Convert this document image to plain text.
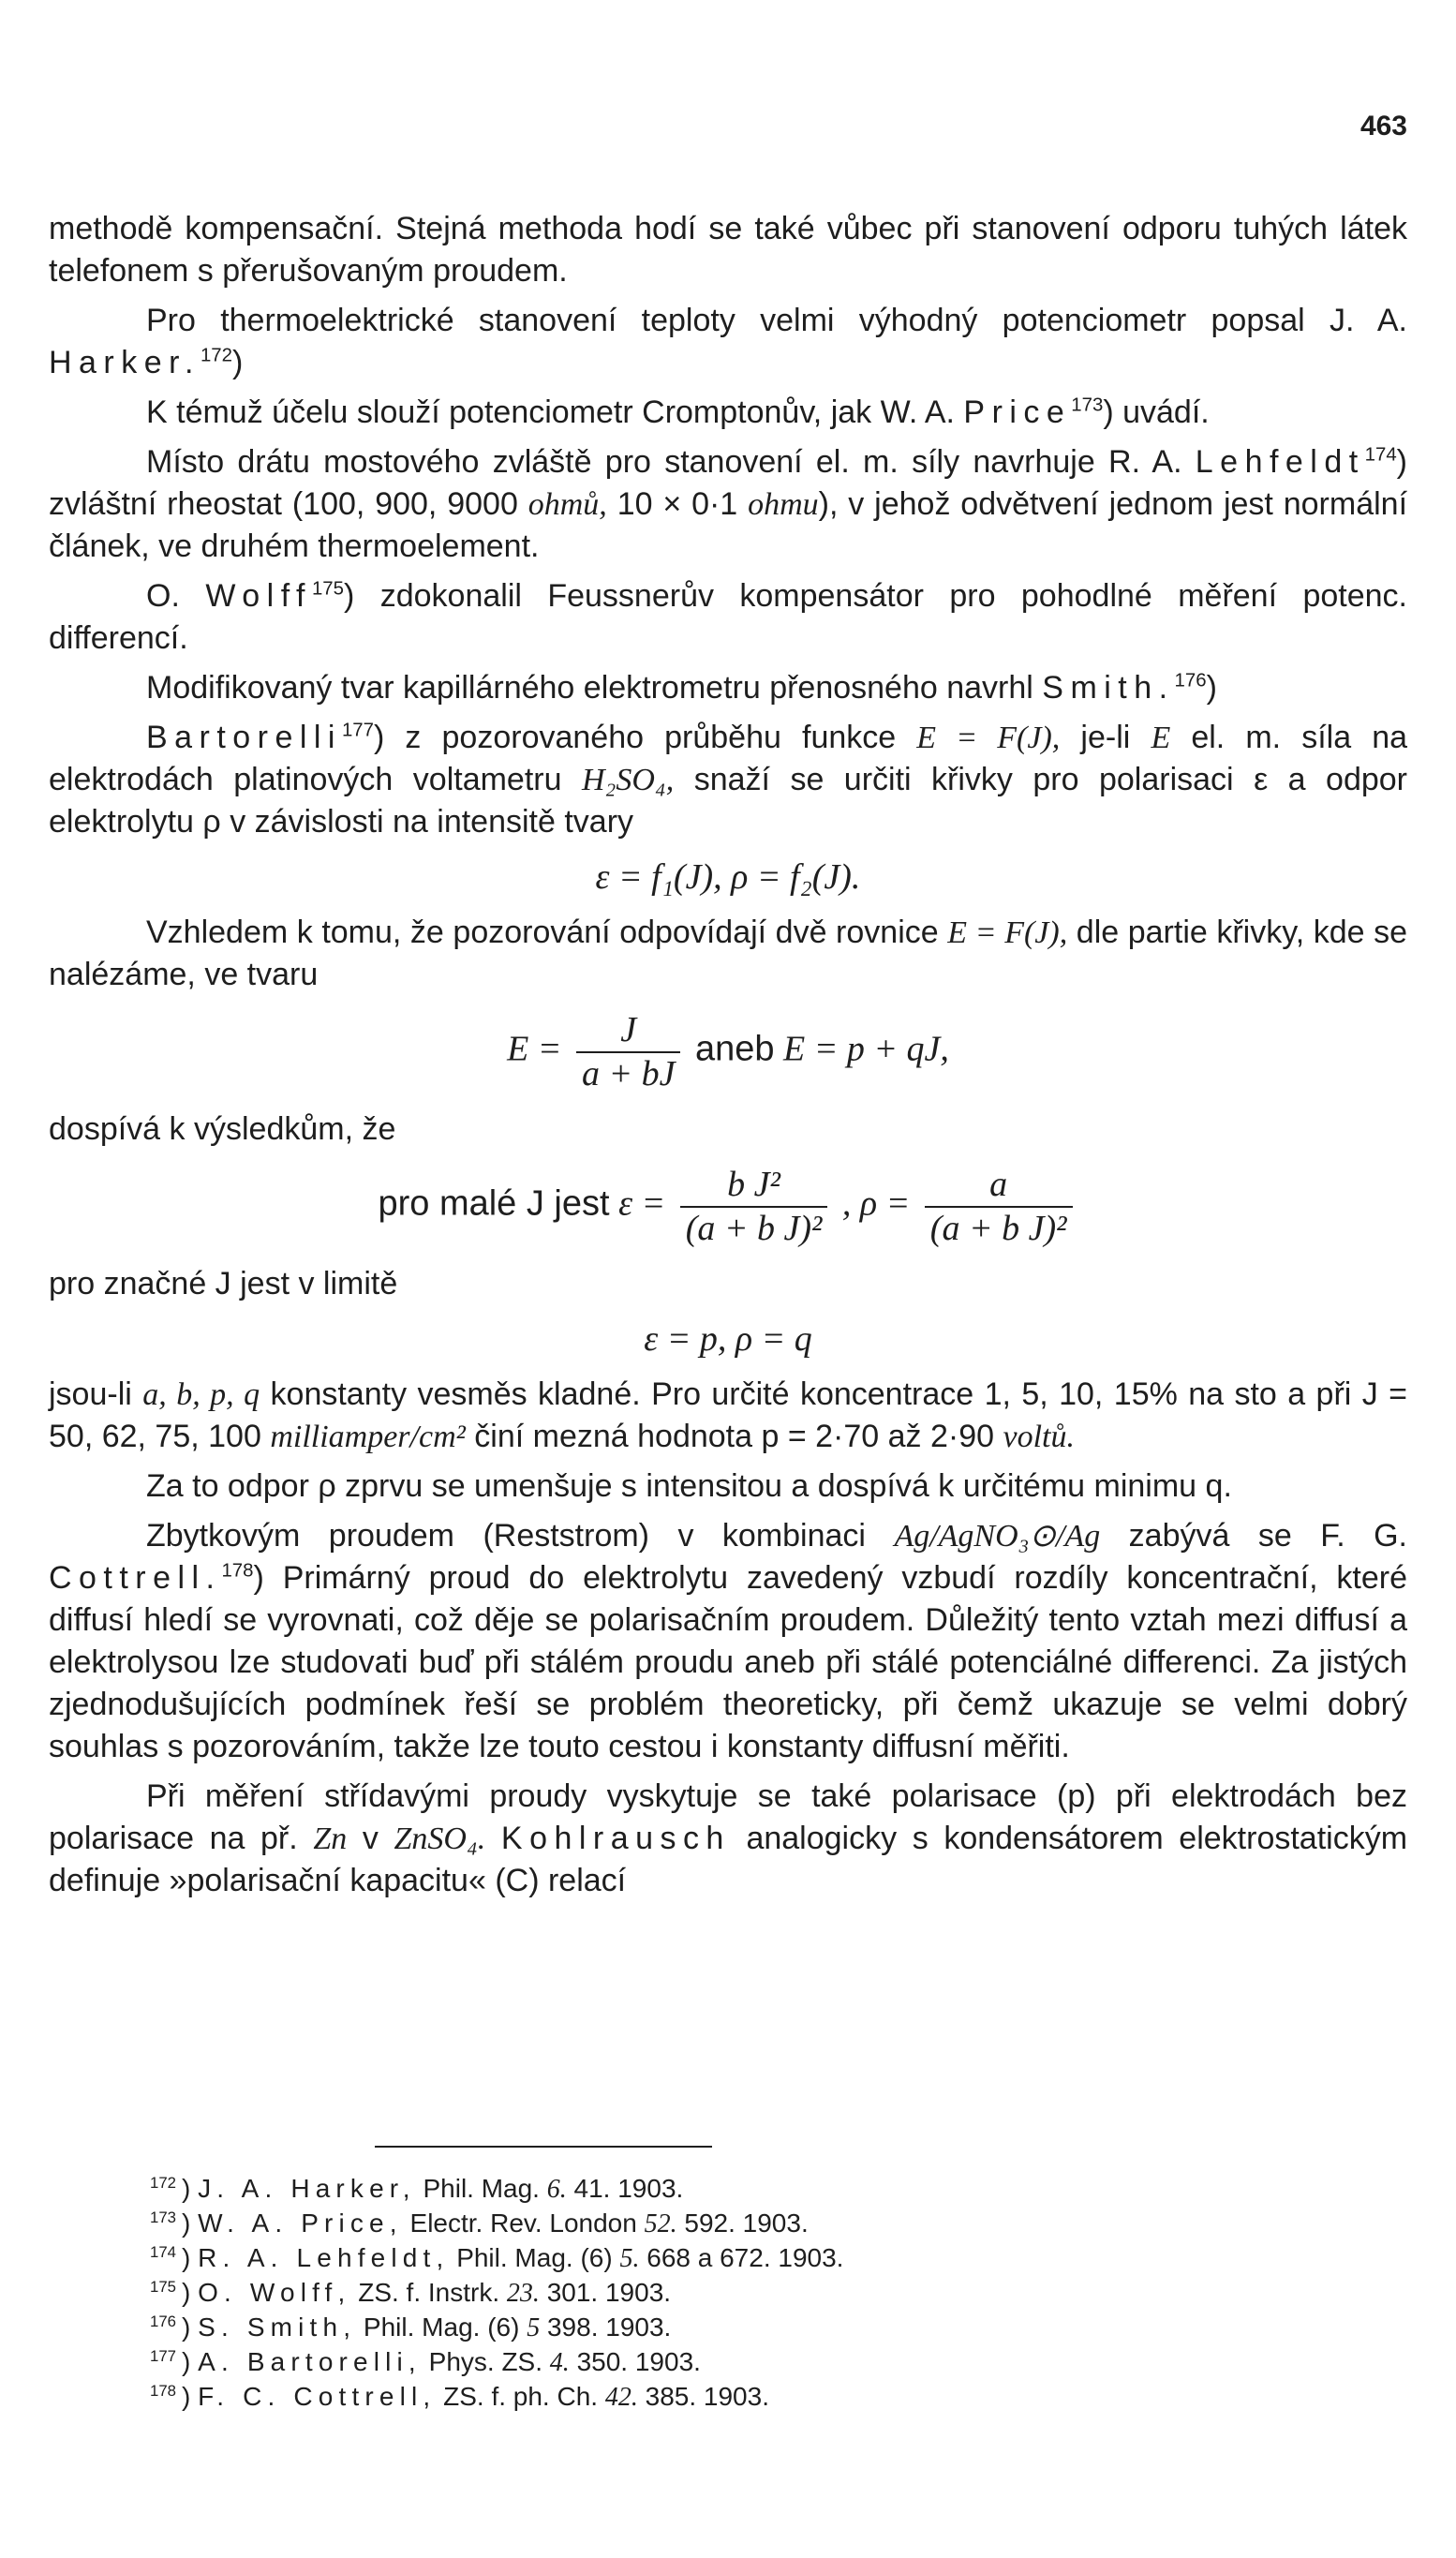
463

methodě kompensační. Stejná methoda hodí se také vůbec při stanovení odporu tuhých látek telefonem s přerušovaným proudem.

Pro thermoelektrické stanovení teploty velmi výhodný potenciometr popsal J. A. Harker.$^{172}$)

K témuž účelu slouží potenciometr Cromptonův, jak W. A. Price$^{173}$) uvádí.

Místo drátu mostového zvláště pro stanovení el. m. síly navrhuje R. A. Lehfeldt$^{174}$) zvláštní rheostat (100, 900, 9000 ohmů, 10 × 0·1 ohmu), v jehož odvětvení jednom jest normální článek, ve druhém thermoelement.

O. Wolff$^{175}$) zdokonalil Feussnerův kompensátor pro pohodlné měření potenc. differencí.

Modifikovaný tvar kapillárného elektrometru přenosného navrhl Smith.$^{176}$)

Bartorelli$^{177}$) z pozorovaného průběhu funkce E = F(J), je-li E el. m. síla na elektrodách platinových voltametru H₂SO₄, snaží se určiti křivky pro polarisaci ε a odpor elektrolytu ρ v závislosti na intensitě tvary

ε = f₁(J), ρ = f₂(J).

Vzhledem k tomu, že pozorování odpovídají dvě rovnice E = F(J), dle partie křivky, kde se nalézáme, ve tvaru

$E = \frac{J}{a + bJ}$ aneb E = p + qJ,

dospívá k výsledkům, že

pro malé J jest $\varepsilon = \frac{\text{b J²}}{\text{(a + b J)²}}$ , $\rho = \frac{a}{\text{(a + b J)²}}$

pro značné J jest v limitě

ε = p, ρ = q

jsou-li a, b, p, q konstanty vesměs kladné. Pro určité koncentrace 1, 5, 10, 15% na sto a při J = 50, 62, 75, 100 milliamper/cm² činí mezná hodnota p = 2·70 až 2·90 voltů.

Za to odpor ρ zprvu se umenšuje s intensitou a dospívá k určitému minimu q.

Zbytkovým proudem (Reststrom) v kombinaci Ag/AgNO₃⊙/Ag zabývá se F. G. Cottrell.$^{178}$) Primárný proud do elektrolytu zavedený vzbudí rozdíly koncentrační, které diffusí hledí se vyrovnati, což děje se polarisačním proudem. Důležitý tento vztah mezi diffusí a elektrolysou lze studovati buď při stálém proudu aneb při stálé potenciálné differenci. Za jistých zjednodušujících podmínek řeší se problém theoreticky, při čemž ukazuje se velmi dobrý souhlas s pozorováním, takže lze touto cestou i konstanty diffusní měřiti.

Při měření střídavými proudy vyskytuje se také polarisace (p) při elektrodách bez polarisace na př. Zn v ZnSO₄. Kohlrausch analogicky s kondensátorem elektrostatickým definuje »polarisační kapacitu« (C) relací

$^{172}$ ) J. A. Harker, Phil. Mag. 6. 41. 1903.
$^{173}$ ) W. A. Price, Electr. Rev. London 52. 592. 1903.
$^{174}$ ) R. A. Lehfeldt, Phil. Mag. (6) 5. 668 a 672. 1903.
$^{175}$ ) O. Wolff, ZS. f. Instrk. 23. 301. 1903.
$^{176}$ ) S. Smith, Phil. Mag. (6) 5 398. 1903.
$^{177}$ ) A. Bartorelli, Phys. ZS. 4. 350. 1903.
$^{178}$ ) F. C. Cottrell, ZS. f. ph. Ch. 42. 385. 1903.
